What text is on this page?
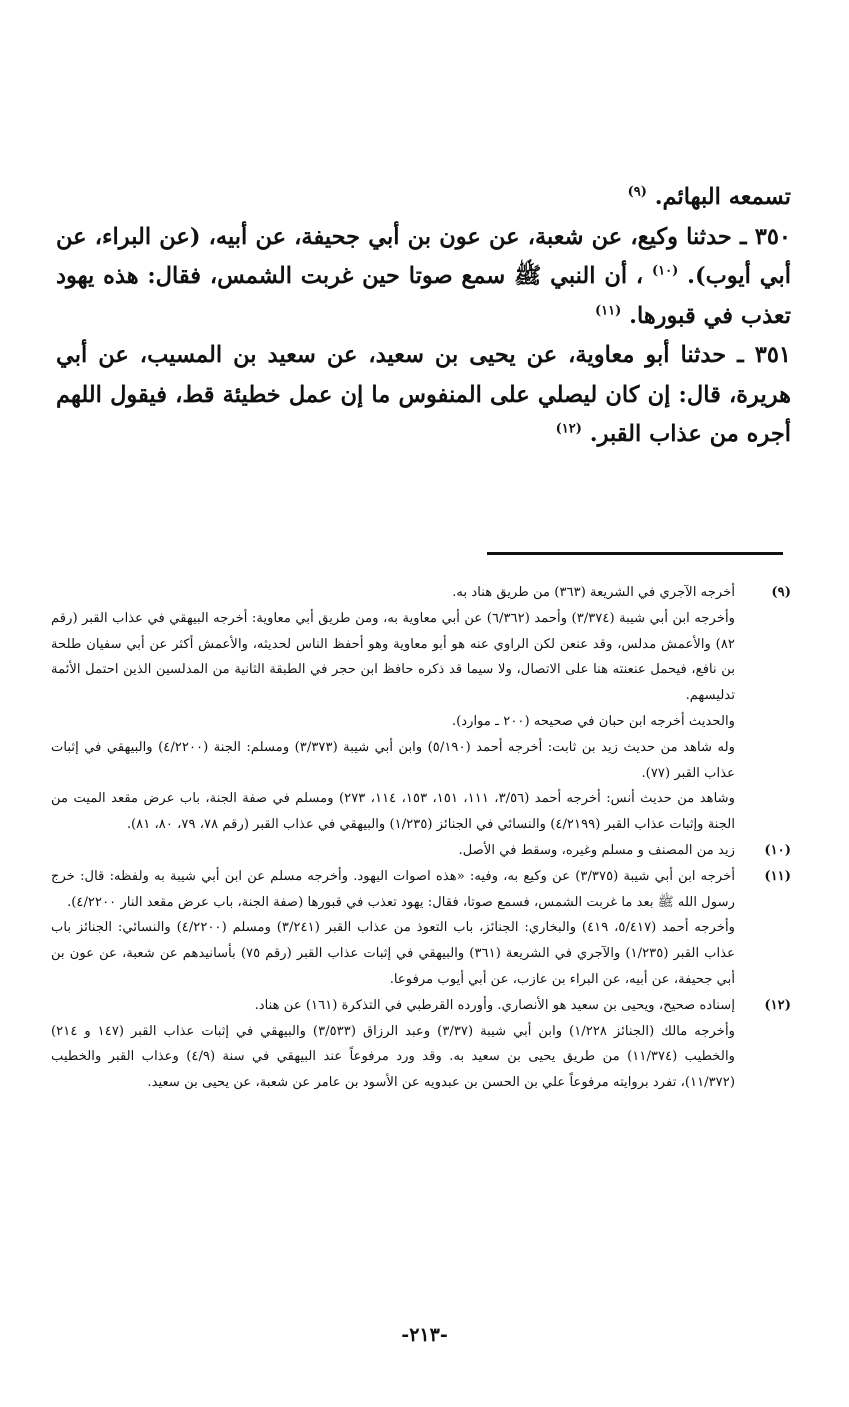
تسمعه البهائم. $^{(٩)}$

٣٥٠ ـ حدثنا وكيع، عن شعبة، عن عون بن أبي جحيفة، عن أبيه، (عن البراء، عن أبي أيوب). $^{(١٠)}$ ، أن النبي ﷺ سمع صوتا حين غربت الشمس، فقال: هذه يهود تعذب في قبورها. $^{(١١)}$

٣٥١ ـ حدثنا أبو معاوية، عن يحيى بن سعيد، عن سعيد بن المسيب، عن أبي هريرة، قال: إن كان ليصلي على المنفوس ما إن عمل خطيئة قط، فيقول اللهم أجره من عذاب القبر. $^{(١٢)}$

(٩)

أخرجه الآجري في الشريعة (٣٦٣) من طريق هناد به.

وأخرجه ابن أبي شيبة (٣/٣٧٤) وأحمد (٦/٣٦٢) عن أبي معاوية به، ومن طريق أبي معاوية: أخرجه البيهقي في عذاب القبر (رقم ٨٢) والأعمش مدلس، وقد عنعن لكن الراوي عنه هو أبو معاوية وهو أحفظ الناس لحديثه، والأعمش أكثر عن أبي سفيان طلحة بن نافع، فيحمل عنعنته هنا على الاتصال، ولا سيما قد ذكره حافظ ابن حجر في الطبقة الثانية من المدلسين الذين احتمل الأئمة تدليسهم.

والحديث أخرجه ابن حبان في صحيحه (٢٠٠ ـ موارد).

وله شاهد من حديث زيد بن ثابت: أخرجه أحمد (٥/١٩٠) وابن أبي شيبة (٣/٣٧٣) ومسلم: الجنة (٤/٢٢٠٠) والبيهقي في إثبات عذاب القبر (٧٧).

وشاهد من حديث أنس: أخرجه أحمد (٣/٥٦، ١١١، ١٥١، ١٥٣، ١١٤، ٢٧٣) ومسلم في صفة الجنة، باب عرض مقعد الميت من الجنة وإثبات عذاب القبر (٤/٢١٩٩) والنسائي في الجنائز (١/٢٣٥) والبيهقي في عذاب القبر (رقم ٧٨، ٧٩، ٨٠، ٨١).

(١٠)

زيد من المصنف و مسلم وغيره، وسقط في الأصل.

(١١)

أخرجه ابن أبي شيبة (٣/٣٧٥) عن وكيع به، وفيه: «هذه اصوات اليهود. وأخرجه مسلم عن ابن أبي شيبة به ولفظه: قال: خرج رسول الله ﷺ بعد ما غربت الشمس، فسمع صوتا، فقال: يهود تعذب في قبورها (صفة الجنة، باب عرض مقعد النار ٤/٢٢٠٠).

وأخرجه أحمد (٥/٤١٧، ٤١٩) والبخاري: الجنائز، باب التعوذ من عذاب القبر (٣/٢٤١) ومسلم (٤/٢٢٠٠) والنسائي: الجنائز باب عذاب القبر (١/٢٣٥) والآجري في الشريعة (٣٦١) والبيهقي في إثبات عذاب القبر (رقم ٧٥) بأسانيدهم عن شعبة، عن عون بن أبي جحيفة، عن أبيه، عن البراء بن عازب، عن أبي أيوب مرفوعا.

(١٢)

إسناده صحيح، ويحيى بن سعيد هو الأنصاري. وأورده القرطبي في التذكرة (١٦١) عن هناد.

وأخرجه مالك (الجنائز ١/٢٢٨) وابن أبي شيبة (٣/٣٧) وعبد الرزاق (٣/٥٣٣) والبيهقي في إثبات عذاب القبر (١٤٧ و ٢١٤) والخطيب (١١/٣٧٤) من طريق يحيى بن سعيد به. وقد ورد مرفوعاً عند البيهقي في سنة (٤/٩) وعذاب القبر والخطيب (١١/٣٧٢)، تفرد بروايته مرفوعاً علي بن الحسن بن عبدويه عن الأسود بن عامر عن شعبة، عن يحيى بن سعيد.

-٢١٣-
